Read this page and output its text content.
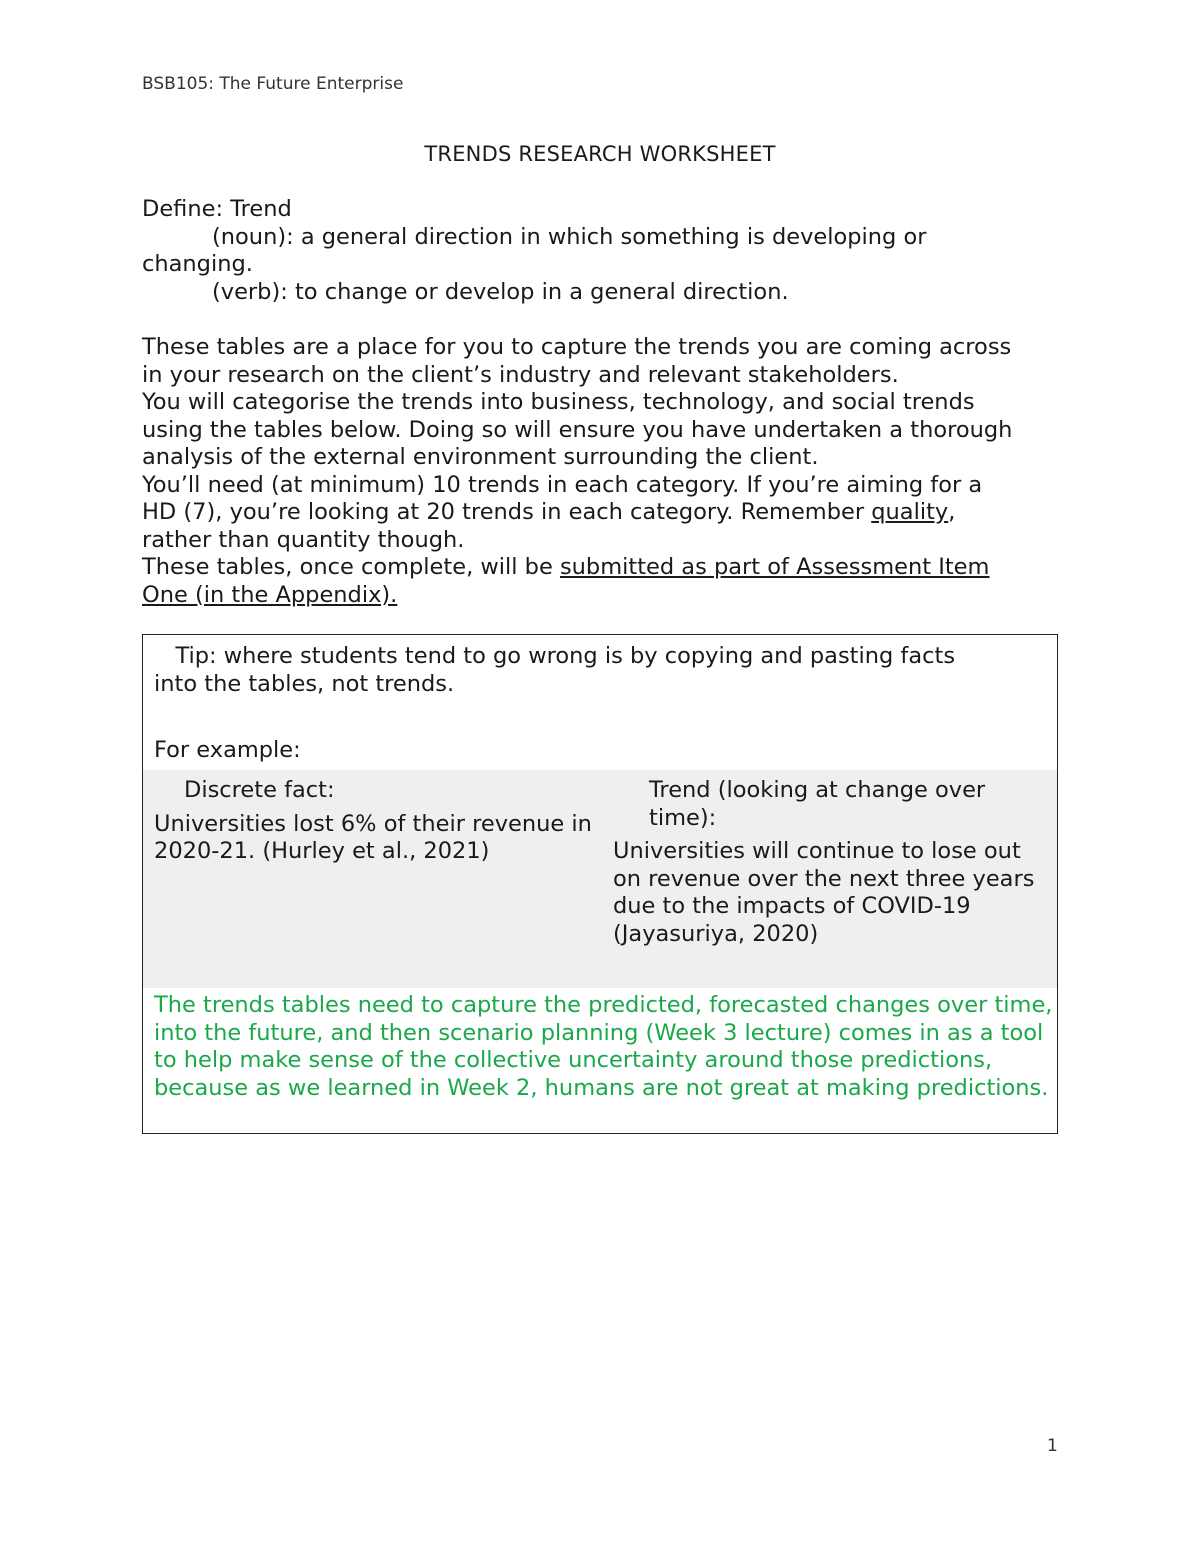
BSB105: The Future Enterprise
TRENDS RESEARCH WORKSHEET
Define: Trend
(noun): a general direction in which something is developing or
changing.
(verb): to change or develop in a general direction.
These tables are a place for you to capture the trends you are coming across
in your research on the client’s industry and relevant stakeholders.
You will categorise the trends into business, technology, and social trends
using the tables below. Doing so will ensure you have undertaken a thorough
analysis of the external environment surrounding the client.
You’ll need (at minimum) 10 trends in each category. If you’re aiming for a
HD (7), you’re looking at 20 trends in each category. Remember quality,
rather than quantity though.
These tables, once complete, will be submitted as part of Assessment Item
One (in the Appendix).
Tip: where students tend to go wrong is by copying and pasting facts
into the tables, not trends.
For example:
Discrete fact:
Universities lost 6% of their revenue in 2020-21. (Hurley et al., 2021)
Trend (looking at change over time):
Universities will continue to lose out on revenue over the next three years due to the impacts of COVID-19 (Jayasuriya, 2020)
The trends tables need to capture the predicted, forecasted changes over time, into the future, and then scenario planning (Week 3 lecture) comes in as a tool to help make sense of the collective uncertainty around those predictions, because as we learned in Week 2, humans are not great at making predictions.
1
